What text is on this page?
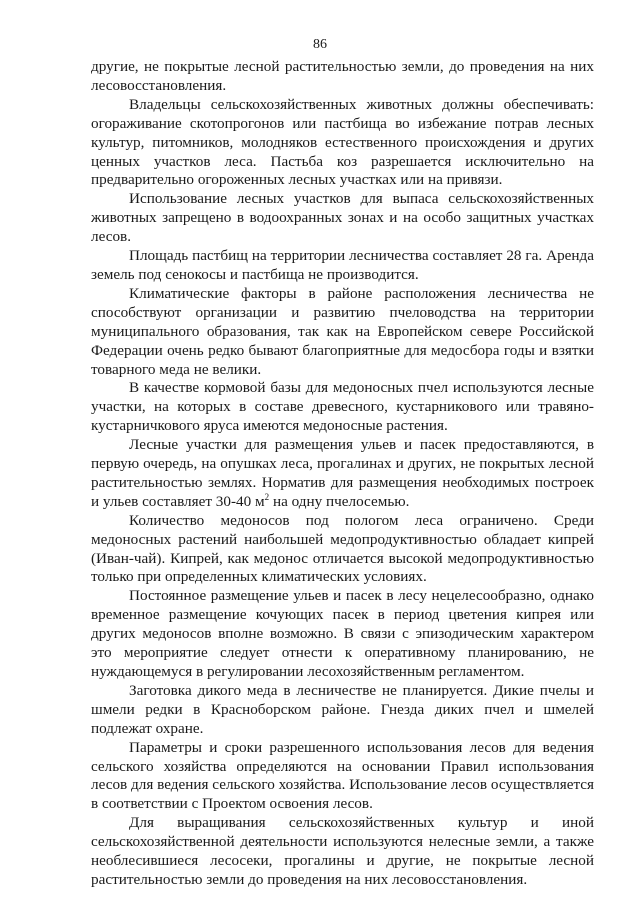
86

другие, не покрытые лесной растительностью земли, до проведения на них лесовосстановления.

Владельцы сельскохозяйственных животных должны обеспечивать: огораживание скотопрогонов или пастбища во избежание потрав лесных культур, питомников, молодняков естественного происхождения и других ценных участков леса. Пастьба коз разрешается исключительно на предварительно огороженных лесных участках или на привязи.

Использование лесных участков для выпаса сельскохозяйственных животных запрещено в водоохранных зонах и на особо защитных участках лесов.

Площадь пастбищ на территории лесничества составляет 28 га. Аренда земель под сенокосы и пастбища не производится.

Климатические факторы в районе расположения лесничества не способствуют организации и развитию пчеловодства на территории муниципального образования, так как на Европейском севере Российской Федерации очень редко бывают благоприятные для медосбора годы и взятки товарного меда не велики.

В качестве кормовой базы для медоносных пчел используются лесные участки, на которых в составе древесного, кустарникового или травяно-кустарничкового яруса имеются медоносные растения.

Лесные участки для размещения ульев и пасек предоставляются, в первую очередь, на опушках леса, прогалинах и других, не покрытых лесной растительностью землях. Норматив для размещения необходимых построек и ульев составляет 30-40 $м^2$ на одну пчелосемью.

Количество медоносов под пологом леса ограничено. Среди медоносных растений наибольшей медопродуктивностью обладает кипрей (Иван-чай). Кипрей, как медонос отличается высокой медопродуктивностью только при определенных климатических условиях.

Постоянное размещение ульев и пасек в лесу нецелесообразно, однако временное размещение кочующих пасек в период цветения кипрея или других медоносов вполне возможно. В связи с эпизодическим характером это мероприятие следует отнести к оперативному планированию, не нуждающемуся в регулировании лесохозяйственным регламентом.

Заготовка дикого меда в лесничестве не планируется. Дикие пчелы и шмели редки в Красноборском районе. Гнезда диких пчел и шмелей подлежат охране.

Параметры и сроки разрешенного использования лесов для ведения сельского хозяйства определяются на основании Правил использования лесов для ведения сельского хозяйства. Использование лесов осуществляется в соответствии с Проектом освоения лесов.

Для выращивания сельскохозяйственных культур и иной сельскохозяйственной деятельности используются нелесные земли, а также необлесившиеся лесосеки, прогалины и другие, не покрытые лесной растительностью земли до проведения на них лесовосстановления.
